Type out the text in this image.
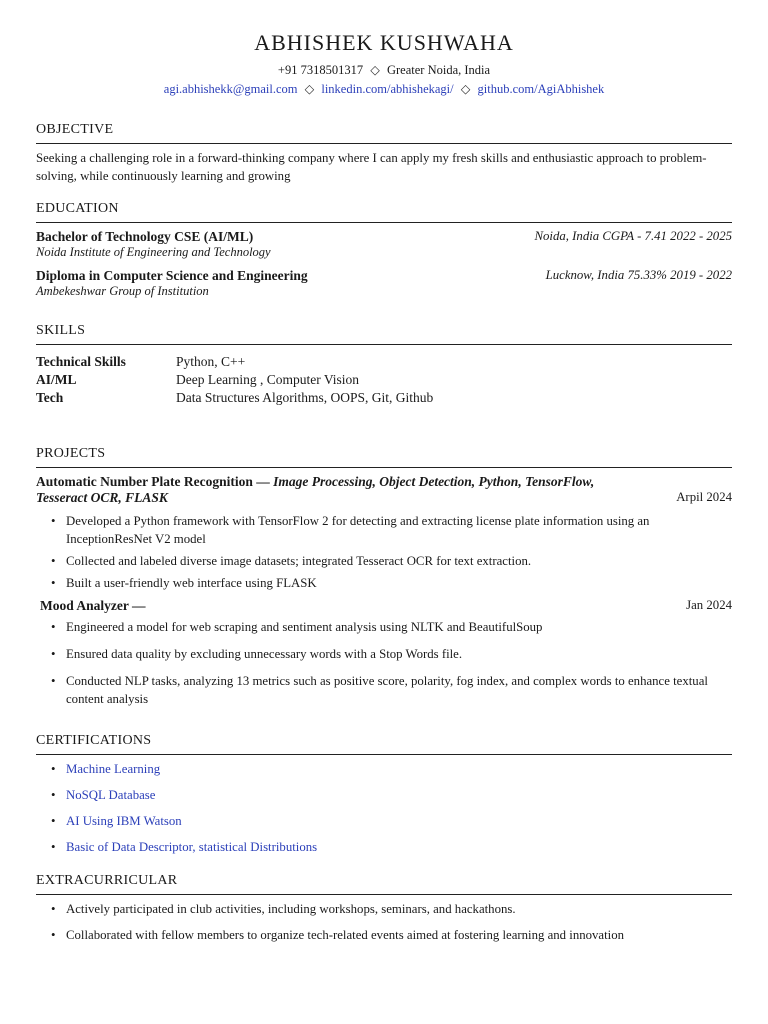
ABHISHEK KUSHWAHA
+91 7318501317 ◇ Greater Noida, India
agi.abhishekk@gmail.com ◇ linkedin.com/abhishekagi/ ◇ github.com/AgiAbhishek
OBJECTIVE
Seeking a challenging role in a forward-thinking company where I can apply my fresh skills and enthusiastic approach to problem-solving, while continuously learning and growing
EDUCATION
Bachelor of Technology CSE (AI/ML)	Noida, India CGPA - 7.41 2022 - 2025
Noida Institute of Engineering and Technology
Diploma in Computer Science and Engineering	Lucknow, India 75.33% 2019 - 2022
Ambekeshwar Group of Institution
SKILLS
Technical Skills	Python, C++
AI/ML	Deep Learning , Computer Vision
Tech	Data Structures Algorithms, OOPS, Git, Github
PROJECTS
Automatic Number Plate Recognition — Image Processing, Object Detection, Python, TensorFlow,
Tesseract OCR, FLASK	Arpil 2024
• Developed a Python framework with TensorFlow 2 for detecting and extracting license plate information using an InceptionResNet V2 model
• Collected and labeled diverse image datasets; integrated Tesseract OCR for text extraction.
• Built a user-friendly web interface using FLASK
Mood Analyzer —	Jan 2024
• Engineered a model for web scraping and sentiment analysis using NLTK and BeautifulSoup
• Ensured data quality by excluding unnecessary words with a Stop Words file.
• Conducted NLP tasks, analyzing 13 metrics such as positive score, polarity, fog index, and complex words to enhance textual content analysis
CERTIFICATIONS
• Machine Learning
• NoSQL Database
• AI Using IBM Watson
• Basic of Data Descriptor, statistical Distributions
EXTRACURRICULAR
• Actively participated in club activities, including workshops, seminars, and hackathons.
• Collaborated with fellow members to organize tech-related events aimed at fostering learning and innovation
